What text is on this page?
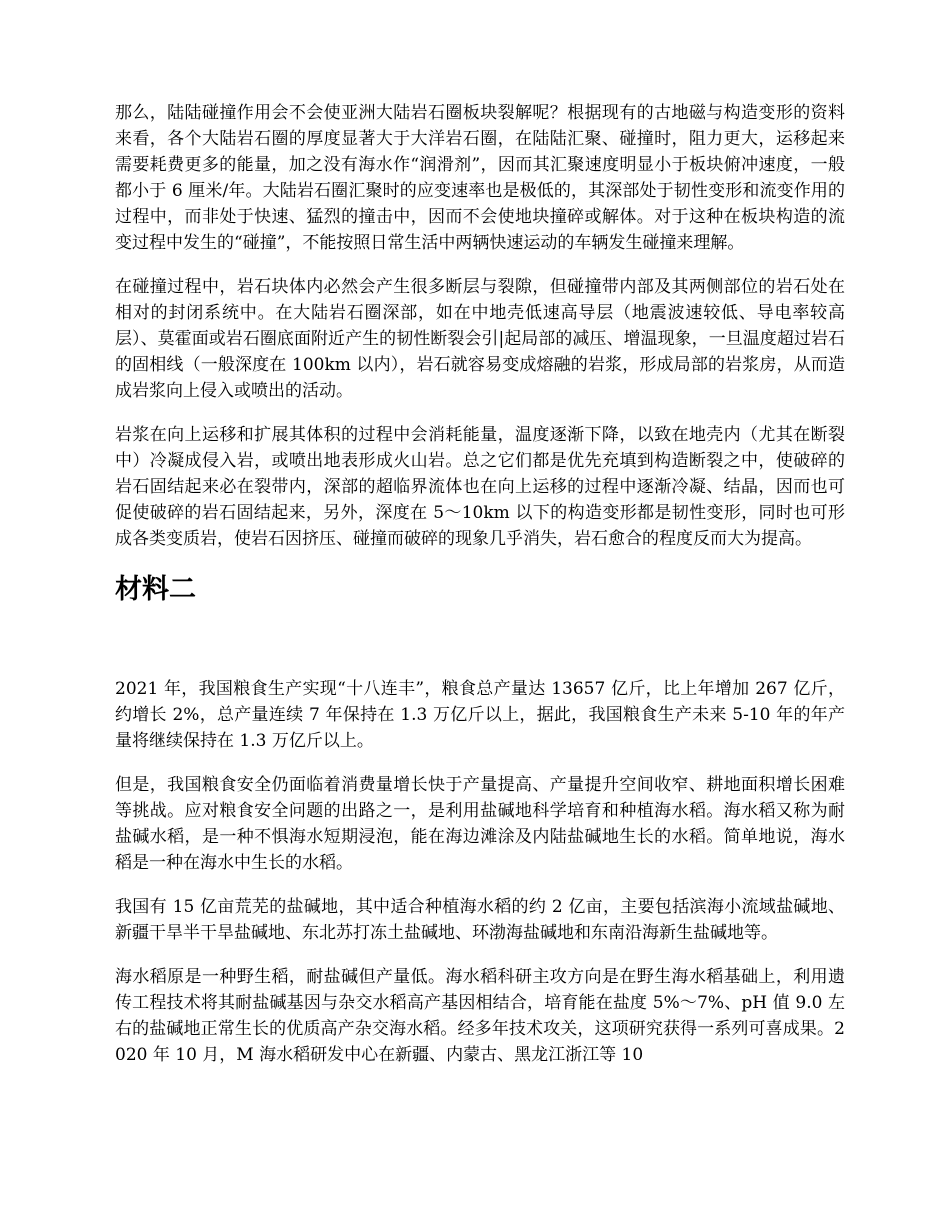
那么，陆陆碰撞作用会不会使亚洲大陆岩石圈板块裂解呢？根据现有的古地磁与构造变形的资料来看，各个大陆岩石圈的厚度显著大于大洋岩石圈，在陆陆汇聚、碰撞时，阻力更大，运移起来需要耗费更多的能量，加之没有海水作“润滑剂”，因而其汇聚速度明显小于板块俯冲速度，一般都小于 6 厘米/年。大陆岩石圈汇聚时的应变速率也是极低的，其深部处于韧性变形和流变作用的过程中，而非处于快速、猛烈的撞击中，因而不会使地块撞碎或解体。对于这种在板块构造的流变过程中发生的“碰撞”，不能按照日常生活中两辆快速运动的车辆发生碰撞来理解。

在碰撞过程中，岩石块体内必然会产生很多断层与裂隙，但碰撞带内部及其两侧部位的岩石处在相对的封闭系统中。在大陆岩石圈深部，如在中地壳低速高导层（地震波速较低、导电率较高层）、莫霍面或岩石圈底面附近产生的韧性断裂会引|起局部的减压、增温现象，一旦温度超过岩石的固相线（一般深度在 100km 以内），岩石就容易变成熔融的岩浆，形成局部的岩浆房，从而造成岩浆向上侵入或喷出的活动。

岩浆在向上运移和扩展其体积的过程中会消耗能量，温度逐渐下降，以致在地壳内（尤其在断裂中）冷凝成侵入岩，或喷出地表形成火山岩。总之它们都是优先充填到构造断裂之中，使破碎的岩石固结起来必在裂带内，深部的超临界流体也在向上运移的过程中逐渐冷凝、结晶，因而也可促使破碎的岩石固结起来，另外，深度在 5～10km 以下的构造变形都是韧性变形，同时也可形成各类变质岩，使岩石因挤压、碰撞而破碎的现象几乎消失，岩石愈合的程度反而大为提高。

材料二

2021 年，我国粮食生产实现“十八连丰”，粮食总产量达 13657 亿斤，比上年增加 267 亿斤，约增长 2%，总产量连续 7 年保持在 1.3 万亿斤以上，据此，我国粮食生产未来 5-10 年的年产量将继续保持在 1.3 万亿斤以上。

但是，我国粮食安全仍面临着消费量增长快于产量提高、产量提升空间收窄、耕地面积增长困难等挑战。应对粮食安全问题的出路之一，是利用盐碱地科学培育和种植海水稻。海水稻又称为耐盐碱水稻，是一种不惧海水短期浸泡，能在海边滩涂及内陆盐碱地生长的水稻。简单地说，海水稻是一种在海水中生长的水稻。

我国有 15 亿亩荒芜的盐碱地，其中适合种植海水稻的约 2 亿亩，主要包括滨海小流域盐碱地、新疆干旱半干旱盐碱地、东北苏打冻土盐碱地、环渤海盐碱地和东南沿海新生盐碱地等。

海水稻原是一种野生稻，耐盐碱但产量低。海水稻科研主攻方向是在野生海水稻基础上，利用遗传工程技术将其耐盐碱基因与杂交水稻高产基因相结合，培育能在盐度 5%～7%、pH 值 9.0 左右的盐碱地正常生长的优质高产杂交海水稻。经多年技术攻关，这项研究获得一系列可喜成果。2020 年 10 月，M 海水稻研发中心在新疆、内蒙古、黑龙江浙江等 10
